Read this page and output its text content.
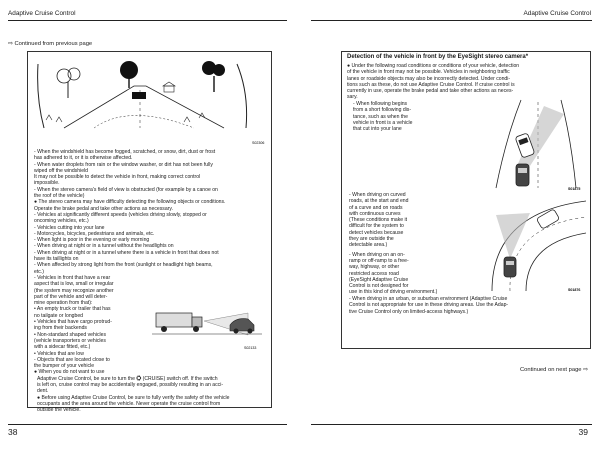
Adaptive Cruise Control	Adaptive Cruise Control
⇨ Continued from previous page
S02306
- When the windshield has become fogged, scratched, or snow, dirt, dust or frost
has adhered to it, or it is otherwise affected.
- When water droplets from rain or the window washer, or dirt has not been fully
wiped off the windshield
It may not be possible to detect the vehicle in front, making correct control
impossible.
- When the stereo camera's field of view is obstructed (for example by a canoe on
the roof of the vehicle)
● The stereo camera may have difficulty detecting the following objects or conditions.
Operate the brake pedal and take other actions as necessary.
- Vehicles at significantly different speeds (vehicles driving slowly, stopped or
oncoming vehicles, etc.)
- Vehicles cutting into your lane
- Motorcycles, bicycles, pedestrians and animals, etc.
- When light is poor in the evening or early morning
- When driving at night or in a tunnel without the headlights on
- When driving at night or in a tunnel where there is a vehicle in front that does not
have its taillights on
- When affected by strong light from the front (sunlight or headlight high beams,
etc.)
- Vehicles in front that have a rear
aspect that is low, small or irregular
(the system may recognize another
part of the vehicle and will deter-
mine operation from that):
• An empty truck or trailer that has
no tailgate or longbed
• Vehicles that have cargo protrud-
ing from their backends
• Non-standard shaped vehicles
(vehicle transporters or vehicles
with a sidecar fitted, etc.)
• Vehicles that are low
- Objects that are located close to
the bumper of your vehicle
● When you do not want to use
S02133
Adaptive Cruise Control, be sure to turn the ⛭ (CRUISE) switch off. If the switch
is left on, cruise control may be accidentally engaged, possibly resulting in an acci-
dent.
● Before using Adaptive Cruise Control, be sure to fully verify the safety of the vehicle
occupants and the area around the vehicle. Never operate the cruise control from
outside the vehicle.
Detection of the vehicle in front by the EyeSight stereo camera*
● Under the following road conditions or conditions of your vehicle, detection
of the vehicle in front may not be possible. Vehicles in neighboring traffic
lanes or roadside objects may also be incorrectly detected. Under condi-
tions such as these, do not use Adaptive Cruise Control. If cruise control is
currently in use, operate the brake pedal and take other actions as neces-
sary.
- When following begins
from a short following dis-
tance, such as when the
vehicle in front is a vehicle
that cut into your lane
S01875
- When driving on curved
roads, at the start and end
of a curve and on roads
with continuous curves
(These conditions make it
difficult for the system to
detect vehicles because
they are outside the
detectable area.)
- When driving on an on-
ramp or off-ramp to a free-
way, highway, or other
restricted access road
(EyeSight Adaptive Cruise
Control is not designed for
use in this kind of driving environment.)	S01876
- When driving in an urban, or suburban environment (Adaptive Cruise
Control is not appropriate for use in these driving areas. Use the Adap-
tive Cruise Control only on limited-access highways.)
Continued on next page ⇨
38	39
